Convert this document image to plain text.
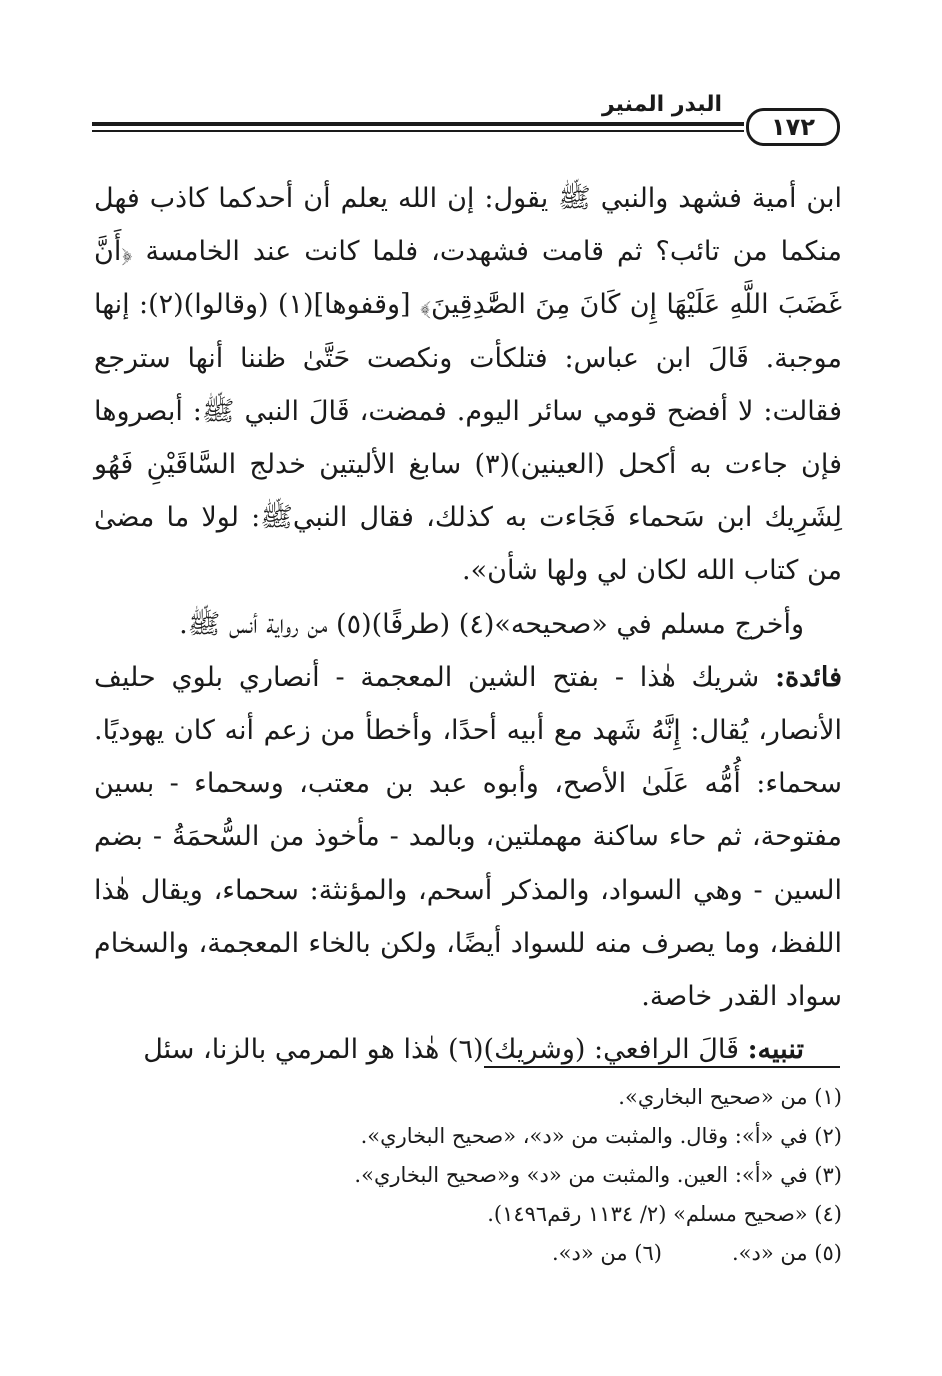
البدر المنير
١٧٢

ابن أمية فشهد والنبي ﷺ يقول: إن الله يعلم أن أحدكما كاذب فهل منكما من تائب؟ ثم قامت فشهدت، فلما كانت عند الخامسة ﴿أَنَّ غَضَبَ اللَّهِ عَلَيْهَا إِن كَانَ مِنَ الصَّٰدِقِينَ﴾ [وقفوها](١) (وقالوا)(٢): إنها موجبة. قَالَ ابن عباس: فتلكأت ونكصت حَتَّىٰ ظننا أنها سترجع فقالت: لا أفضح قومي سائر اليوم. فمضت، قَالَ النبي ﷺ: أبصروها فإن جاءت به أكحل (العينين)(٣) سابغ الأليتين خدلج السَّاقَيْنِ فَهُو لِشَرِيك ابن سَحماء فَجَاءت به كذلك، فقال النبيﷺ: لولا ما مضىٰ من كتاب الله لكان لي ولها شأن».

وأخرج مسلم في «صحيحه»(٤) (طرفًا)(٥) من رواية أنس ﷺ.

فائدة: شريك هٰذا - بفتح الشين المعجمة - أنصاري بلوي حليف الأنصار، يُقال: إِنَّهُ شَهد مع أبيه أحدًا، وأخطأ من زعم أنه كان يهوديًا. سحماء: أُمُّه عَلَىٰ الأصح، وأبوه عبد بن معتب، وسحماء - بسين مفتوحة، ثم حاء ساكنة مهملتين، وبالمد - مأخوذ من السُّحمَةُ - بضم السين - وهي السواد، والمذكر أسحم، والمؤنثة: سحماء، ويقال هٰذا اللفظ، وما يصرف منه للسواد أيضًا، ولكن بالخاء المعجمة، والسخام سواد القدر خاصة.

تنبيه: قَالَ الرافعي: (وشريك)(٦) هٰذا هو المرمي بالزنا، سئل

(١) من «صحيح البخاري».

(٢) في «أ»: وقال. والمثبت من «د»، «صحيح البخاري».

(٣) في «أ»: العين. والمثبت من «د» و«صحيح البخاري».

(٤) «صحيح مسلم» (٢/ ١١٣٤ رقم١٤٩٦).

(٥) من «د».

(٦) من «د».
